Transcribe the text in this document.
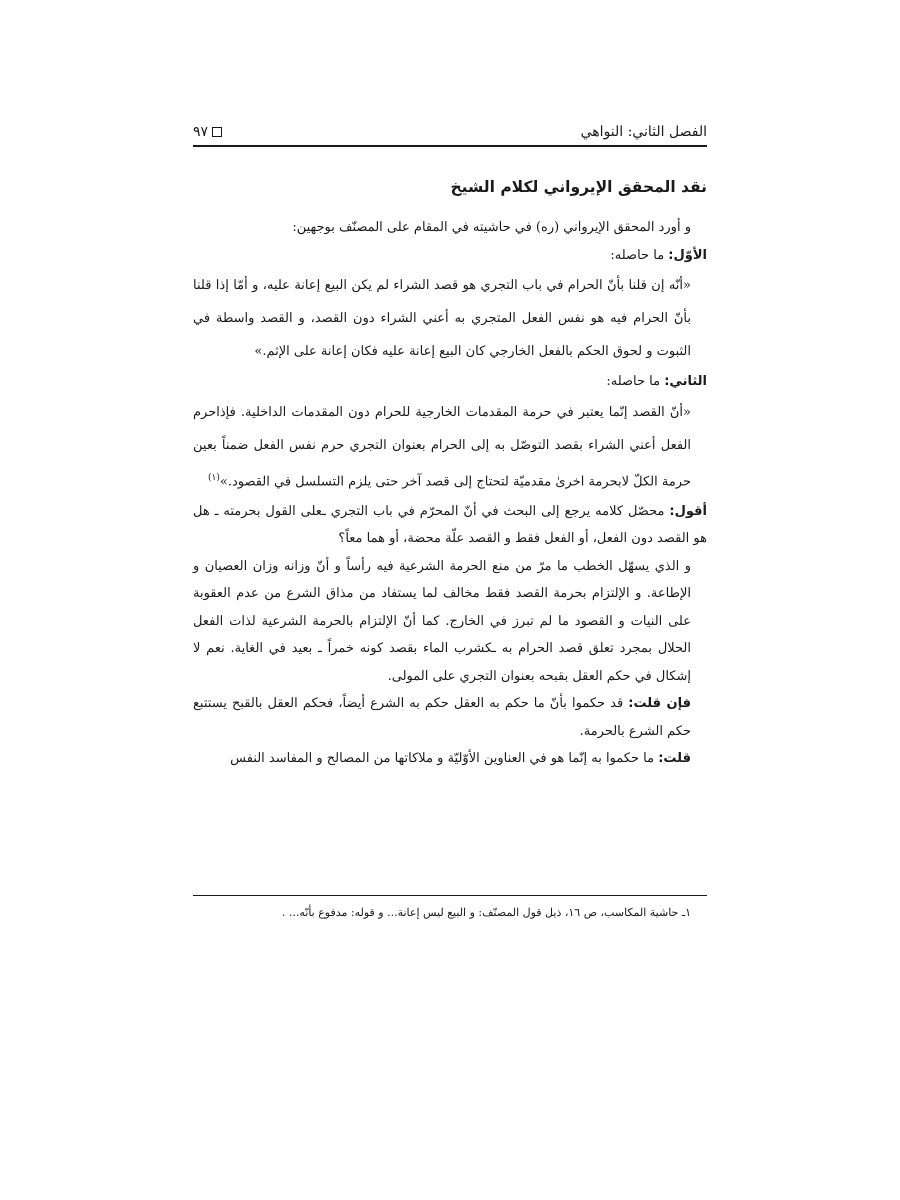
الفصل الثاني: النواهي
٩٧
نقد المحقق الإيرواني لكلام الشيخ

و أورد المحقق الإيرواني (ره) في حاشيته في المقام على المصنّف بوجهين:

الأوّل: ما حاصله:

«أنّه إن قلنا بأنّ الحرام في باب التجري هو قصد الشراء لم يكن البيع إعانة عليه، و أمّا إذا قلنا بأنّ الحرام فيه هو نفس الفعل المتجري به أعني الشراء دون القصد، و القصد واسطة في الثبوت و لحوق الحكم بالفعل الخارجي كان البيع إعانة عليه فكان إعانة على الإثم.»

الثاني: ما حاصله:

«أنّ القصد إنّما يعتبر في حرمة المقدمات الخارجية للحرام دون المقدمات الداخلية. فإذاحرم الفعل أعني الشراء بقصد التوصّل به إلى الحرام بعنوان التجري حرم نفس الفعل ضمناً بعين حرمة الكلّ لابحرمة اخرىٰ مقدميّة لتحتاج إلى قصد آخر حتى يلزم التسلسل في القصود.»$^{(١)}$

أقول: محصّل كلامه يرجع إلى البحث في أنّ المحرّم في باب التجري ـعلى القول بحرمته ـ هل هو القصد دون الفعل، أو الفعل فقط و القصد علّة محضة، أو هما معاً؟

و الذي يسهّل الخطب ما مرّ من منع الحرمة الشرعية فيه رأساً و أنّ وزانه وزان العصيان و الإطاعة. و الإلتزام بحرمة القصد فقط مخالف لما يستفاد من مذاق الشرع من عدم العقوبة على النيات و القصود ما لم تبرز في الخارج. كما أنّ الإلتزام بالحرمة الشرعية لذات الفعل الحلال بمجرد تعلق قصد الحرام به ـكشرب الماء بقصد كونه خمراً ـ بعيد في الغاية. نعم لا إشكال في حكم العقل بقبحه بعنوان التجري على المولى.

فإن قلت: قد حكموا بأنّ ما حكم به العقل حكم به الشرع أيضاً، فحكم العقل بالقبح يستتبع حكم الشرع بالحرمة.

قلت: ما حكموا به إنّما هو في العناوين الأوّليّة و ملاكاتها من المصالح و المفاسد النفس

١ـ حاشية المكاسب، ص ١٦، ذيل قول المصنّف: و البيع ليس إعانة... و قوله: مدفوع بأنّه... .
